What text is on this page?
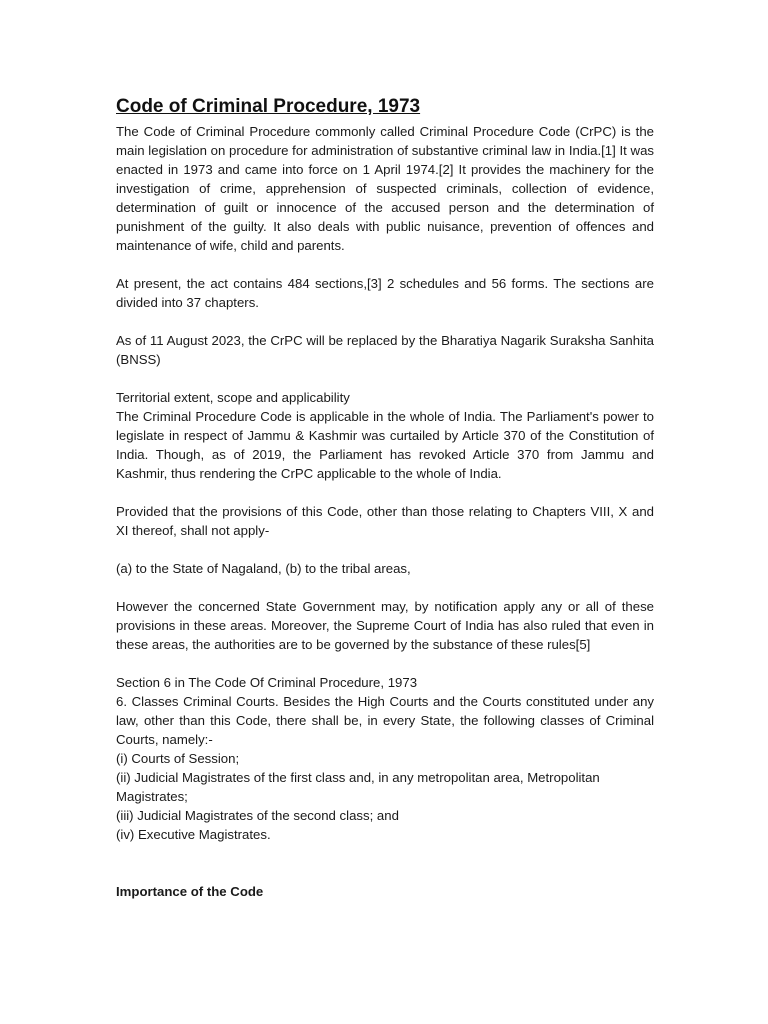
Code of Criminal Procedure, 1973

The Code of Criminal Procedure commonly called Criminal Procedure Code (CrPC) is the main legislation on procedure for administration of substantive criminal law in India.[1] It was enacted in 1973 and came into force on 1 April 1974.[2] It provides the machinery for the investigation of crime, apprehension of suspected criminals, collection of evidence, determination of guilt or innocence of the accused person and the determination of punishment of the guilty. It also deals with public nuisance, prevention of offences and maintenance of wife, child and parents.

At present, the act contains 484 sections,[3] 2 schedules and 56 forms. The sections are divided into 37 chapters.

As of 11 August 2023, the CrPC will be replaced by the Bharatiya Nagarik Suraksha Sanhita (BNSS)

Territorial extent, scope and applicability

The Criminal Procedure Code is applicable in the whole of India. The Parliament's power to legislate in respect of Jammu & Kashmir was curtailed by Article 370 of the Constitution of India. Though, as of 2019, the Parliament has revoked Article 370 from Jammu and Kashmir, thus rendering the CrPC applicable to the whole of India.

Provided that the provisions of this Code, other than those relating to Chapters VIII, X and XI thereof, shall not apply-

(a) to the State of Nagaland, (b) to the tribal areas,

However the concerned State Government may, by notification apply any or all of these provisions in these areas. Moreover, the Supreme Court of India has also ruled that even in these areas, the authorities are to be governed by the substance of these rules[5]

Section 6 in The Code Of Criminal Procedure, 1973

6. Classes Criminal Courts. Besides the High Courts and the Courts constituted under any law, other than this Code, there shall be, in every State, the following classes of Criminal Courts, namely:-

(i) Courts of Session;

(ii) Judicial Magistrates of the first class and, in any metropolitan area, Metropolitan Magistrates;

(iii) Judicial Magistrates of the second class; and

(iv) Executive Magistrates.

Importance of the Code
